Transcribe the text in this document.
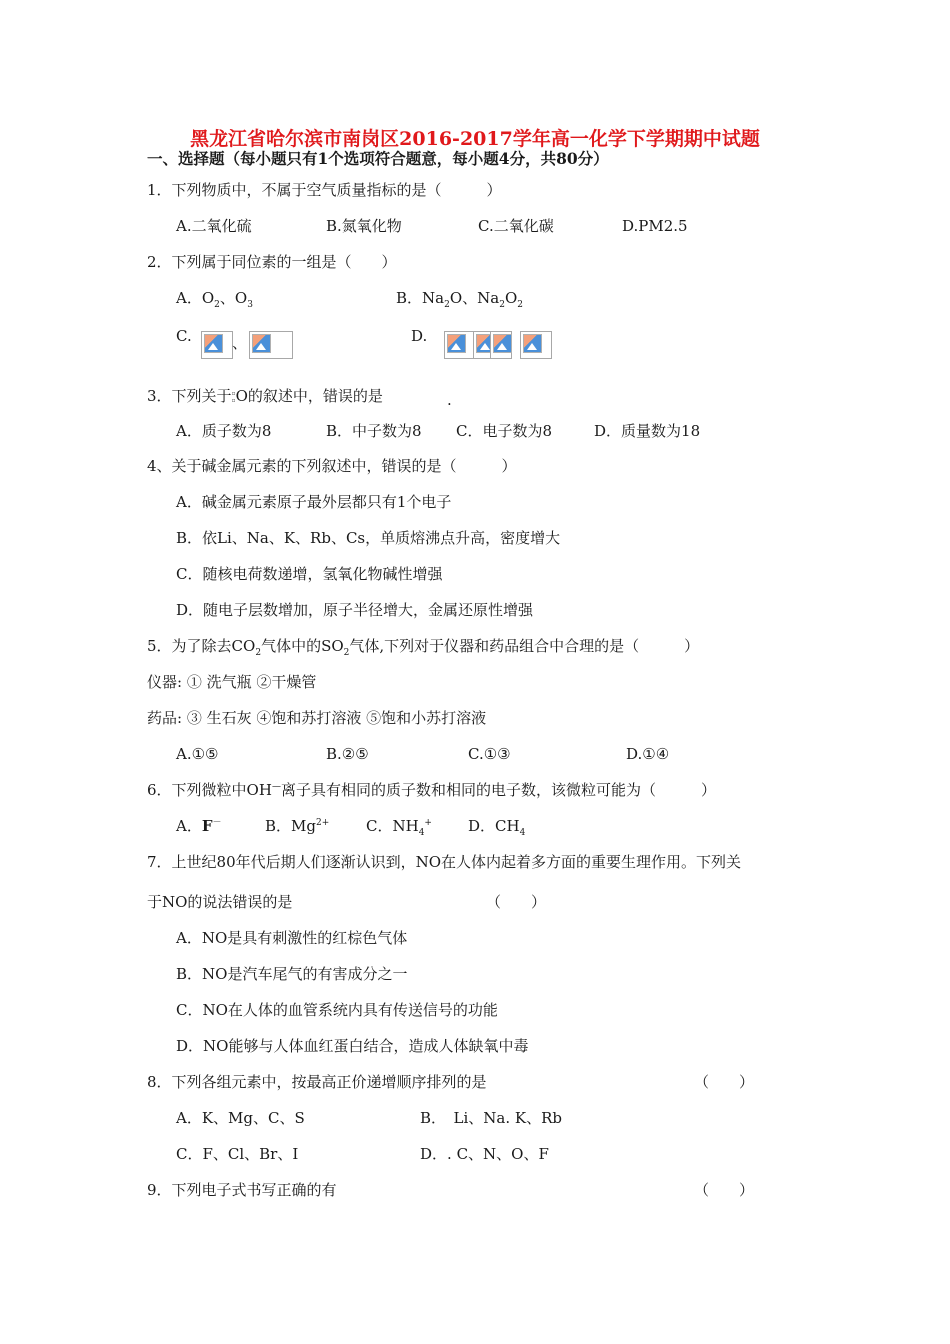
黑龙江省哈尔滨市南岗区2016-2017学年高一化学下学期期中试题
一、选择题（每小题只有1个选项符合题意，每小题4分，共80分）
1．下列物质中，不属于空气质量指标的是（　　　）
A.二氧化硫	B.氮氧化物	C.二氧化碳	D.PM2.5
2．下列属于同位素的一组是（　　）
A．$O_2$、$O_3$	B．$Na_2O$、$Na_2O_2$
C.	、	D.
3．下列关于▫
▫O的叙述中，错误的是	.
A．质子数为8	B．中子数为8 C．电子数为8	D．质量数为18
4、关于碱金属元素的下列叙述中，错误的是（　　　）
A．碱金属元素原子最外层都只有1个电子
B．依Li、Na、K、Rb、Cs，单质熔沸点升高，密度增大
C．随核电荷数递增，氢氧化物碱性增强
D．随电子层数增加，原子半径增大，金属还原性增强
5．为了除去$CO_2$气体中的$SO_2$气体,下列对于仪器和药品组合中合理的是（　　　）
仪器: ① 洗气瓶 ②干燥管
药品: ③ 生石灰 ④饱和苏打溶液 ⑤饱和小苏打溶液
A.①⑤	B.②⑤	C.①③	D.①④
6．下列微粒中OH—离子具有相同的质子数和相同的电子数，该微粒可能为（　　　）
A．F－	B．$Mg^{2+}$ C．$NH_4^+$ D．$CH_4$
7．上世纪80年代后期人们逐渐认识到，NO在人体内起着多方面的重要生理作用。下列关
于NO的说法错误的是	（　　）
A．NO是具有刺激性的红棕色气体
B．NO是汽车尾气的有害成分之一
C．NO在人体的血管系统内具有传送信号的功能
D．NO能够与人体血红蛋白结合，造成人体缺氧中毒
8．下列各组元素中，按最高正价递增顺序排列的是	（　　）
A．K、Mg、C、S	B．　Li、Na. K、Rb
C．F、Cl、Br、I	D．. C、N、O、F
9．下列电子式书写正确的有	（　　）
